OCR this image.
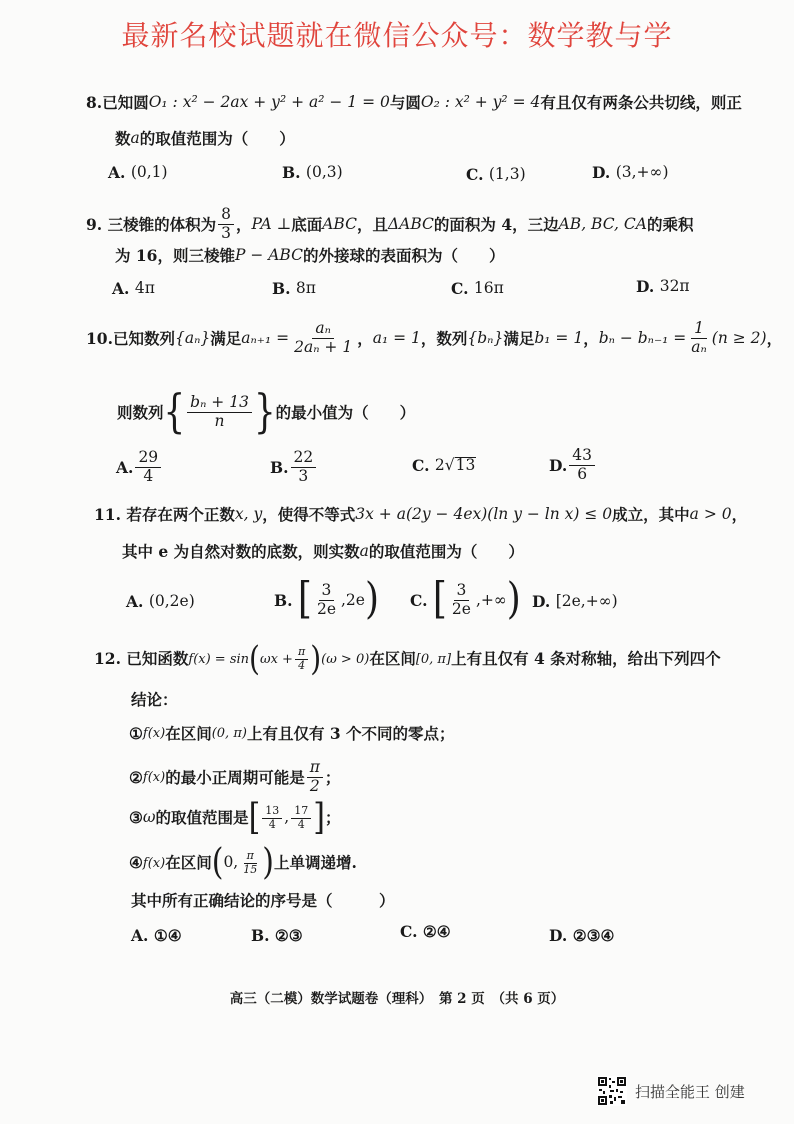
最新名校试题就在微信公众号：数学教与学
8. 已知圆 O₁ : x² − 2ax + y² + a² − 1 = 0 与圆 O₂ : x² + y² = 4 有且仅有两条公共切线，则正
数 a 的取值范围为（　　）
A.
(0,1)	B.
(0,3)	C.
(1,3)	D.
(3,+∞)
9.
三棱锥的体积为 $\frac{8}{3}$ ， PA ⊥ 底面 ABC ，且 ΔABC 的面积为 4，三边 AB, BC, CA 的乘积
为 16，则三棱锥 P − ABC 的外接球的表面积为（　　）
A.
4π	B.
8π	C.
16π	D.
32π
10. 已知数列 {aₙ} 满足 $a_{n+1} = \frac{\text{aₙ}}{\text{2aₙ + 1}}$ ， a₁ = 1 ，数列 {bₙ} 满足 b₁ = 1 ， $b_n - b_{n-1} = \frac{1}{\text{aₙ}} (n \ge 2)$ ，
则数列 { $\frac{\text{bₙ + 13}}{n}$ } 的最小值为（　　）
A. $\frac{29}{4}$	B. $\frac{22}{3}$	C.
2 √ 13	D. $\frac{43}{6}$
11.
若存在两个正数 x, y ，使得不等式 3x + a(2y − 4ex)(ln y − ln x) ≤ 0 成立，其中 a > 0 ，
其中 e 为自然对数的底数，则实数 a 的取值范围为（　　）
A.
(0,2e)	B.
[ $\frac{3}{2e} ,2e$ ) C.
[ $\frac{3}{2e}$ ,+∞ ) D.
[2e,+∞)
12.
已知函数 f(x) = sin ( $\omega x + \frac{\pi}{4}$ ) (ω > 0) 在区间 [0, π] 上有且仅有 4 条对称轴，给出下列四个
结论：
① f(x) 在区间 (0, π) 上有且仅有 3 个不同的零点；
② f(x) 的最小正周期可能是 $\frac{\pi}{2}$ ；
③ ω 的取值范围是 [ $\frac{13}{4}$ , $\frac{17}{4}$ ] ；
④ f(x) 在区间 ( 0, $\frac{\pi}{15}$ ) 上单调递增.
其中所有正确结论的序号是（　　　）
A.
①④	B.
②③	C.
②④	D.
②③④
高三（二模）数学试题卷（理科）　第 2 页　（共 6 页）
扫描全能王 创建
